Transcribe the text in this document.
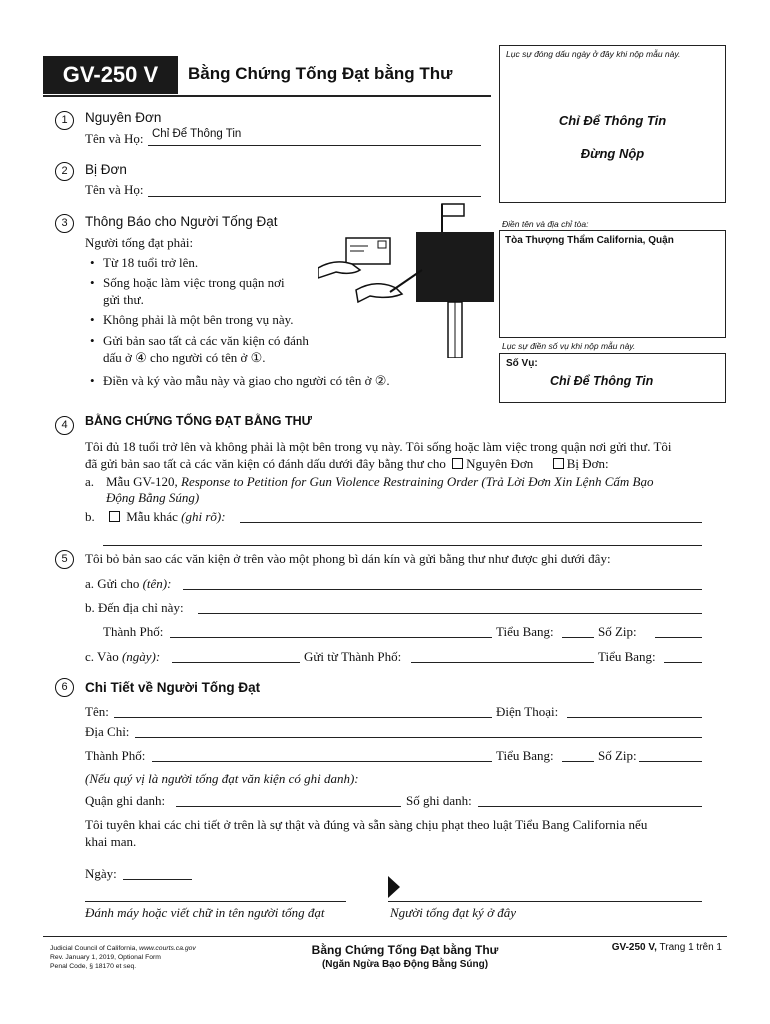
GV-250 V	Bằng Chứng Tống Đạt bằng Thư
Lục sự đóng dấu ngày ở đây khi nộp mẫu này.
Chỉ Để Thông Tin
Đừng Nộp
Điền tên và địa chỉ tòa:
Tòa Thượng Thẩm California, Quận
Lục sự điền số vụ khi nộp mẫu này.
Số Vụ:
Chỉ Để Thông Tin
1	Nguyên Đơn
Tên và Họ: Chỉ Để Thông Tin
2	Bị Đơn
Tên và Họ:
3	Thông Báo cho Người Tống Đạt
Người tống đạt phải:
• Từ 18 tuổi trở lên.
• Sống hoặc làm việc trong quận nơi
gửi thư.
• Không phải là một bên trong vụ này.
• Gửi bản sao tất cả các văn kiện có đánh
dấu ở ④ cho người có tên ở ①.
• Điền và ký vào mẫu này và giao cho người có tên ở ②.
4	BẰNG CHỨNG TỐNG ĐẠT BẰNG THƯ
Tôi đủ 18 tuổi trở lên và không phải là một bên trong vụ này. Tôi sống hoặc làm việc trong quận nơi gửi thư. Tôi
đã gửi bản sao tất cả các văn kiện có đánh dấu dưới đây bằng thư cho Nguyên Đơn	Bị Đơn:
a. Mẫu GV-120, Response to Petition for Gun Violence Restraining Order (Trả Lời Đơn Xin Lệnh Cấm Bạo
Động Bằng Súng)
b.	Mẫu khác (ghi rõ):
5	Tôi bỏ bản sao các văn kiện ở trên vào một phong bì dán kín và gửi bằng thư như được ghi dưới đây:
a. Gửi cho (tên):
b. Đến địa chỉ này:
Thành Phố:	Tiểu Bang:	Số Zip:
c. Vào (ngày):	Gửi từ Thành Phố:	Tiểu Bang:
6	Chi Tiết về Người Tống Đạt
Tên:	Điện Thoại:
Địa Chỉ:
Thành Phố:	Tiểu Bang:	Số Zip:
(Nếu quý vị là người tống đạt văn kiện có ghi danh):
Quận ghi danh:	Số ghi danh:
Tôi tuyên khai các chi tiết ở trên là sự thật và đúng và sẵn sàng chịu phạt theo luật Tiểu Bang California nếu
khai man.
Ngày:
Đánh máy hoặc viết chữ in tên người tống đạt	Người tống đạt ký ở đây
Judicial Council of California, www.courts.ca.gov
Rev. January 1, 2019, Optional Form
Penal Code, § 18170 et seq.
Bằng Chứng Tống Đạt bằng Thư
(Ngăn Ngừa Bạo Động Bằng Súng)
GV-250 V, Trang 1 trên 1
